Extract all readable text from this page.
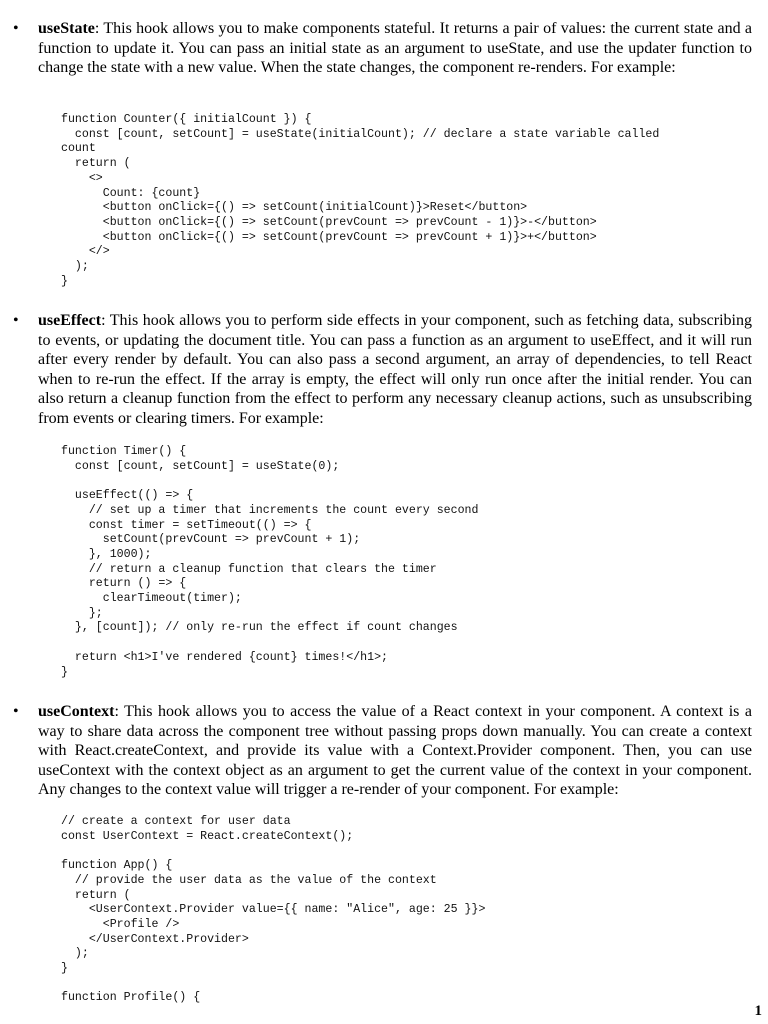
• useState: This hook allows you to make components stateful. It returns a pair of values: the current state and a function to update it. You can pass an initial state as an argument to useState, and use the updater function to change the state with a new value. When the state changes, the component re-renders. For example:

function Counter({ initialCount }) {
const [count, setCount] = useState(initialCount); // declare a state variable called
count
return (
<>
Count: {count}
<button onClick={() => setCount(initialCount)}>Reset</button>
<button onClick={() => setCount(prevCount => prevCount - 1)}>-</button>
<button onClick={() => setCount(prevCount => prevCount + 1)}>+</button>
</>
);
}
• useEffect: This hook allows you to perform side effects in your component, such as fetching data, subscribing to events, or updating the document title. You can pass a function as an argument to useEffect, and it will run after every render by default. You can also pass a second argument, an array of dependencies, to tell React when to re-run the effect. If the array is empty, the effect will only run once after the initial render. You can also return a cleanup function from the effect to perform any necessary cleanup actions, such as unsubscribing from events or clearing timers. For example:

function Timer() {
const [count, setCount] = useState(0);

useEffect(() => {
// set up a timer that increments the count every second
const timer = setTimeout(() => {
setCount(prevCount => prevCount + 1);
}, 1000);
// return a cleanup function that clears the timer
return () => {
clearTimeout(timer);
};
}, [count]); // only re-run the effect if count changes

return <h1>I've rendered {count} times!</h1>;
}
• useContext: This hook allows you to access the value of a React context in your component. A context is a way to share data across the component tree without passing props down manually. You can create a context with React.createContext, and provide its value with a Context.Provider component. Then, you can use useContext with the context object as an argument to get the current value of the context in your component. Any changes to the context value will trigger a re-render of your component. For example:

// create a context for user data
const UserContext = React.createContext();

function App() {
// provide the user data as the value of the context
return (
<UserContext.Provider value={{ name: "Alice", age: 25 }}>
<Profile />
</UserContext.Provider>
);
}

function Profile() {
1
